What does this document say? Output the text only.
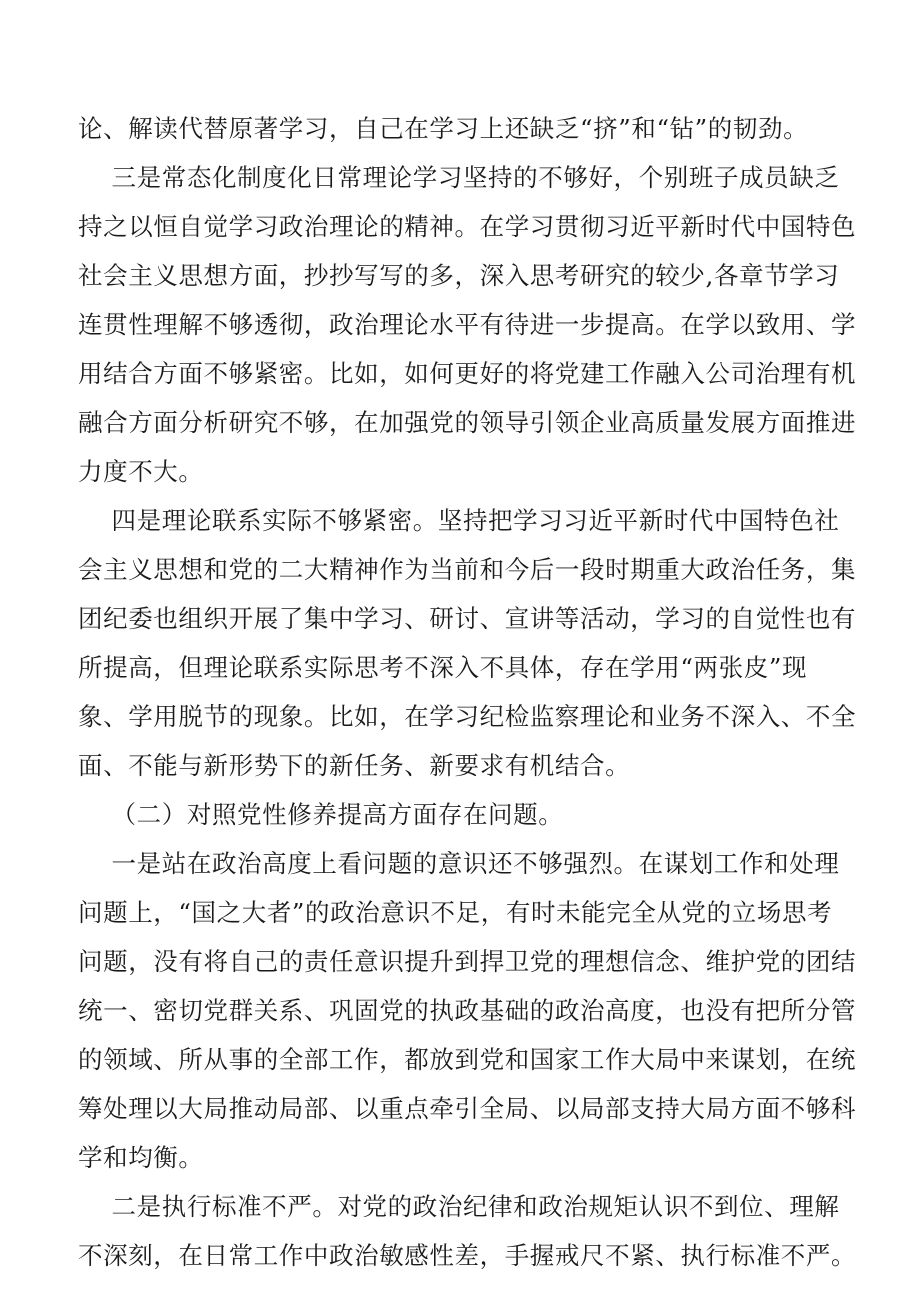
论、解读代替原著学习，自己在学习上还缺乏“挤”和“钻”的韧劲。
三是常态化制度化日常理论学习坚持的不够好，个别班子成员缺乏
持之以恒自觉学习政治理论的精神。在学习贯彻习近平新时代中国特色
社会主义思想方面，抄抄写写的多，深入思考研究的较少,各章节学习
连贯性理解不够透彻，政治理论水平有待进一步提高。在学以致用、学
用结合方面不够紧密。比如，如何更好的将党建工作融入公司治理有机
融合方面分析研究不够，在加强党的领导引领企业高质量发展方面推进
力度不大。
四是理论联系实际不够紧密。坚持把学习习近平新时代中国特色社
会主义思想和党的二大精神作为当前和今后一段时期重大政治任务，集
团纪委也组织开展了集中学习、研讨、宣讲等活动，学习的自觉性也有
所提高，但理论联系实际思考不深入不具体，存在学用“两张皮”现
象、学用脱节的现象。比如，在学习纪检监察理论和业务不深入、不全
面、不能与新形势下的新任务、新要求有机结合。
（二）对照党性修养提高方面存在问题。
一是站在政治高度上看问题的意识还不够强烈。在谋划工作和处理
问题上，“国之大者”的政治意识不足，有时未能完全从党的立场思考
问题，没有将自己的责任意识提升到捍卫党的理想信念、维护党的团结
统一、密切党群关系、巩固党的执政基础的政治高度，也没有把所分管
的领域、所从事的全部工作，都放到党和国家工作大局中来谋划，在统
筹处理以大局推动局部、以重点牵引全局、以局部支持大局方面不够科
学和均衡。
二是执行标准不严。对党的政治纪律和政治规矩认识不到位、理解
不深刻，在日常工作中政治敏感性差，手握戒尺不紧、执行标准不严。
